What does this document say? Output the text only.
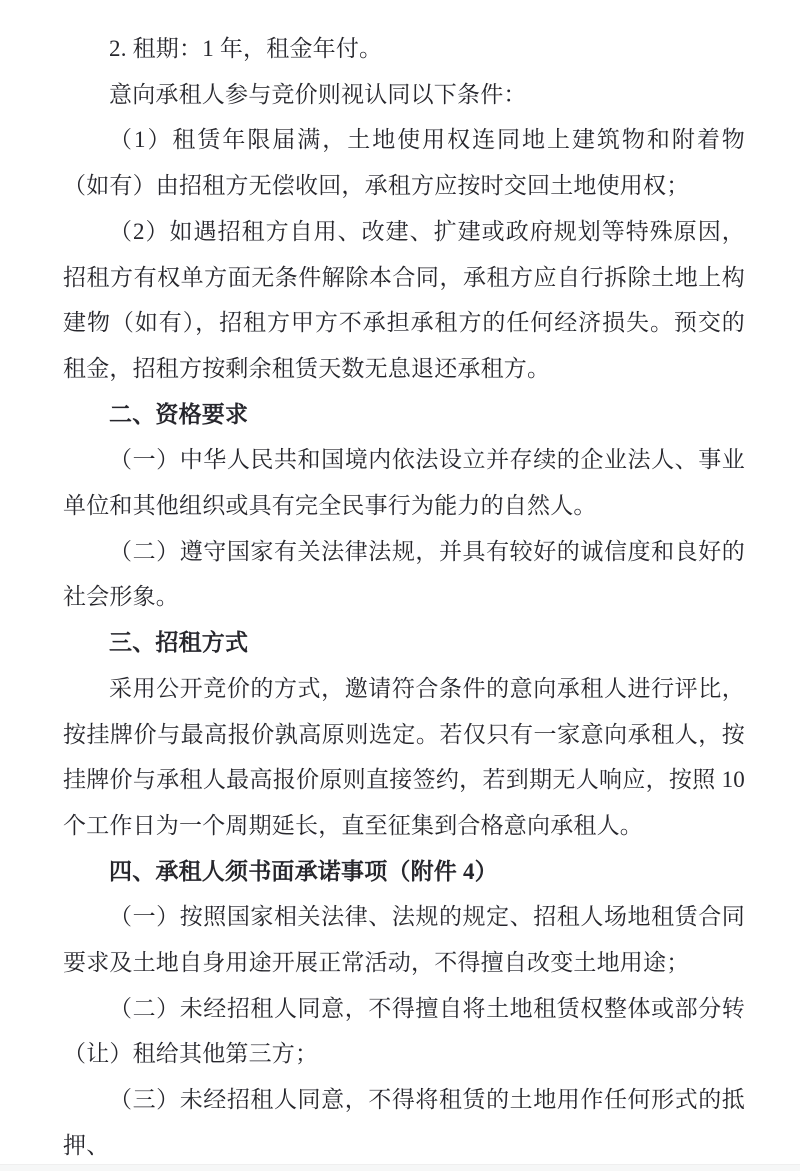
2. 租期：1 年，租金年付。

意向承租人参与竞价则视认同以下条件：

（1）租赁年限届满，土地使用权连同地上建筑物和附着物（如有）由招租方无偿收回，承租方应按时交回土地使用权；

（2）如遇招租方自用、改建、扩建或政府规划等特殊原因，招租方有权单方面无条件解除本合同，承租方应自行拆除土地上构建物（如有），招租方甲方不承担承租方的任何经济损失。预交的租金，招租方按剩余租赁天数无息退还承租方。

二、资格要求

（一）中华人民共和国境内依法设立并存续的企业法人、事业单位和其他组织或具有完全民事行为能力的自然人。

（二）遵守国家有关法律法规，并具有较好的诚信度和良好的社会形象。

三、招租方式

采用公开竞价的方式，邀请符合条件的意向承租人进行评比，按挂牌价与最高报价孰高原则选定。若仅只有一家意向承租人，按挂牌价与承租人最高报价原则直接签约，若到期无人响应，按照 10 个工作日为一个周期延长，直至征集到合格意向承租人。

四、承租人须书面承诺事项（附件 4）

（一）按照国家相关法律、法规的规定、招租人场地租赁合同要求及土地自身用途开展正常活动，不得擅自改变土地用途；

（二）未经招租人同意，不得擅自将土地租赁权整体或部分转（让）租给其他第三方；

（三）未经招租人同意，不得将租赁的土地用作任何形式的抵押、
